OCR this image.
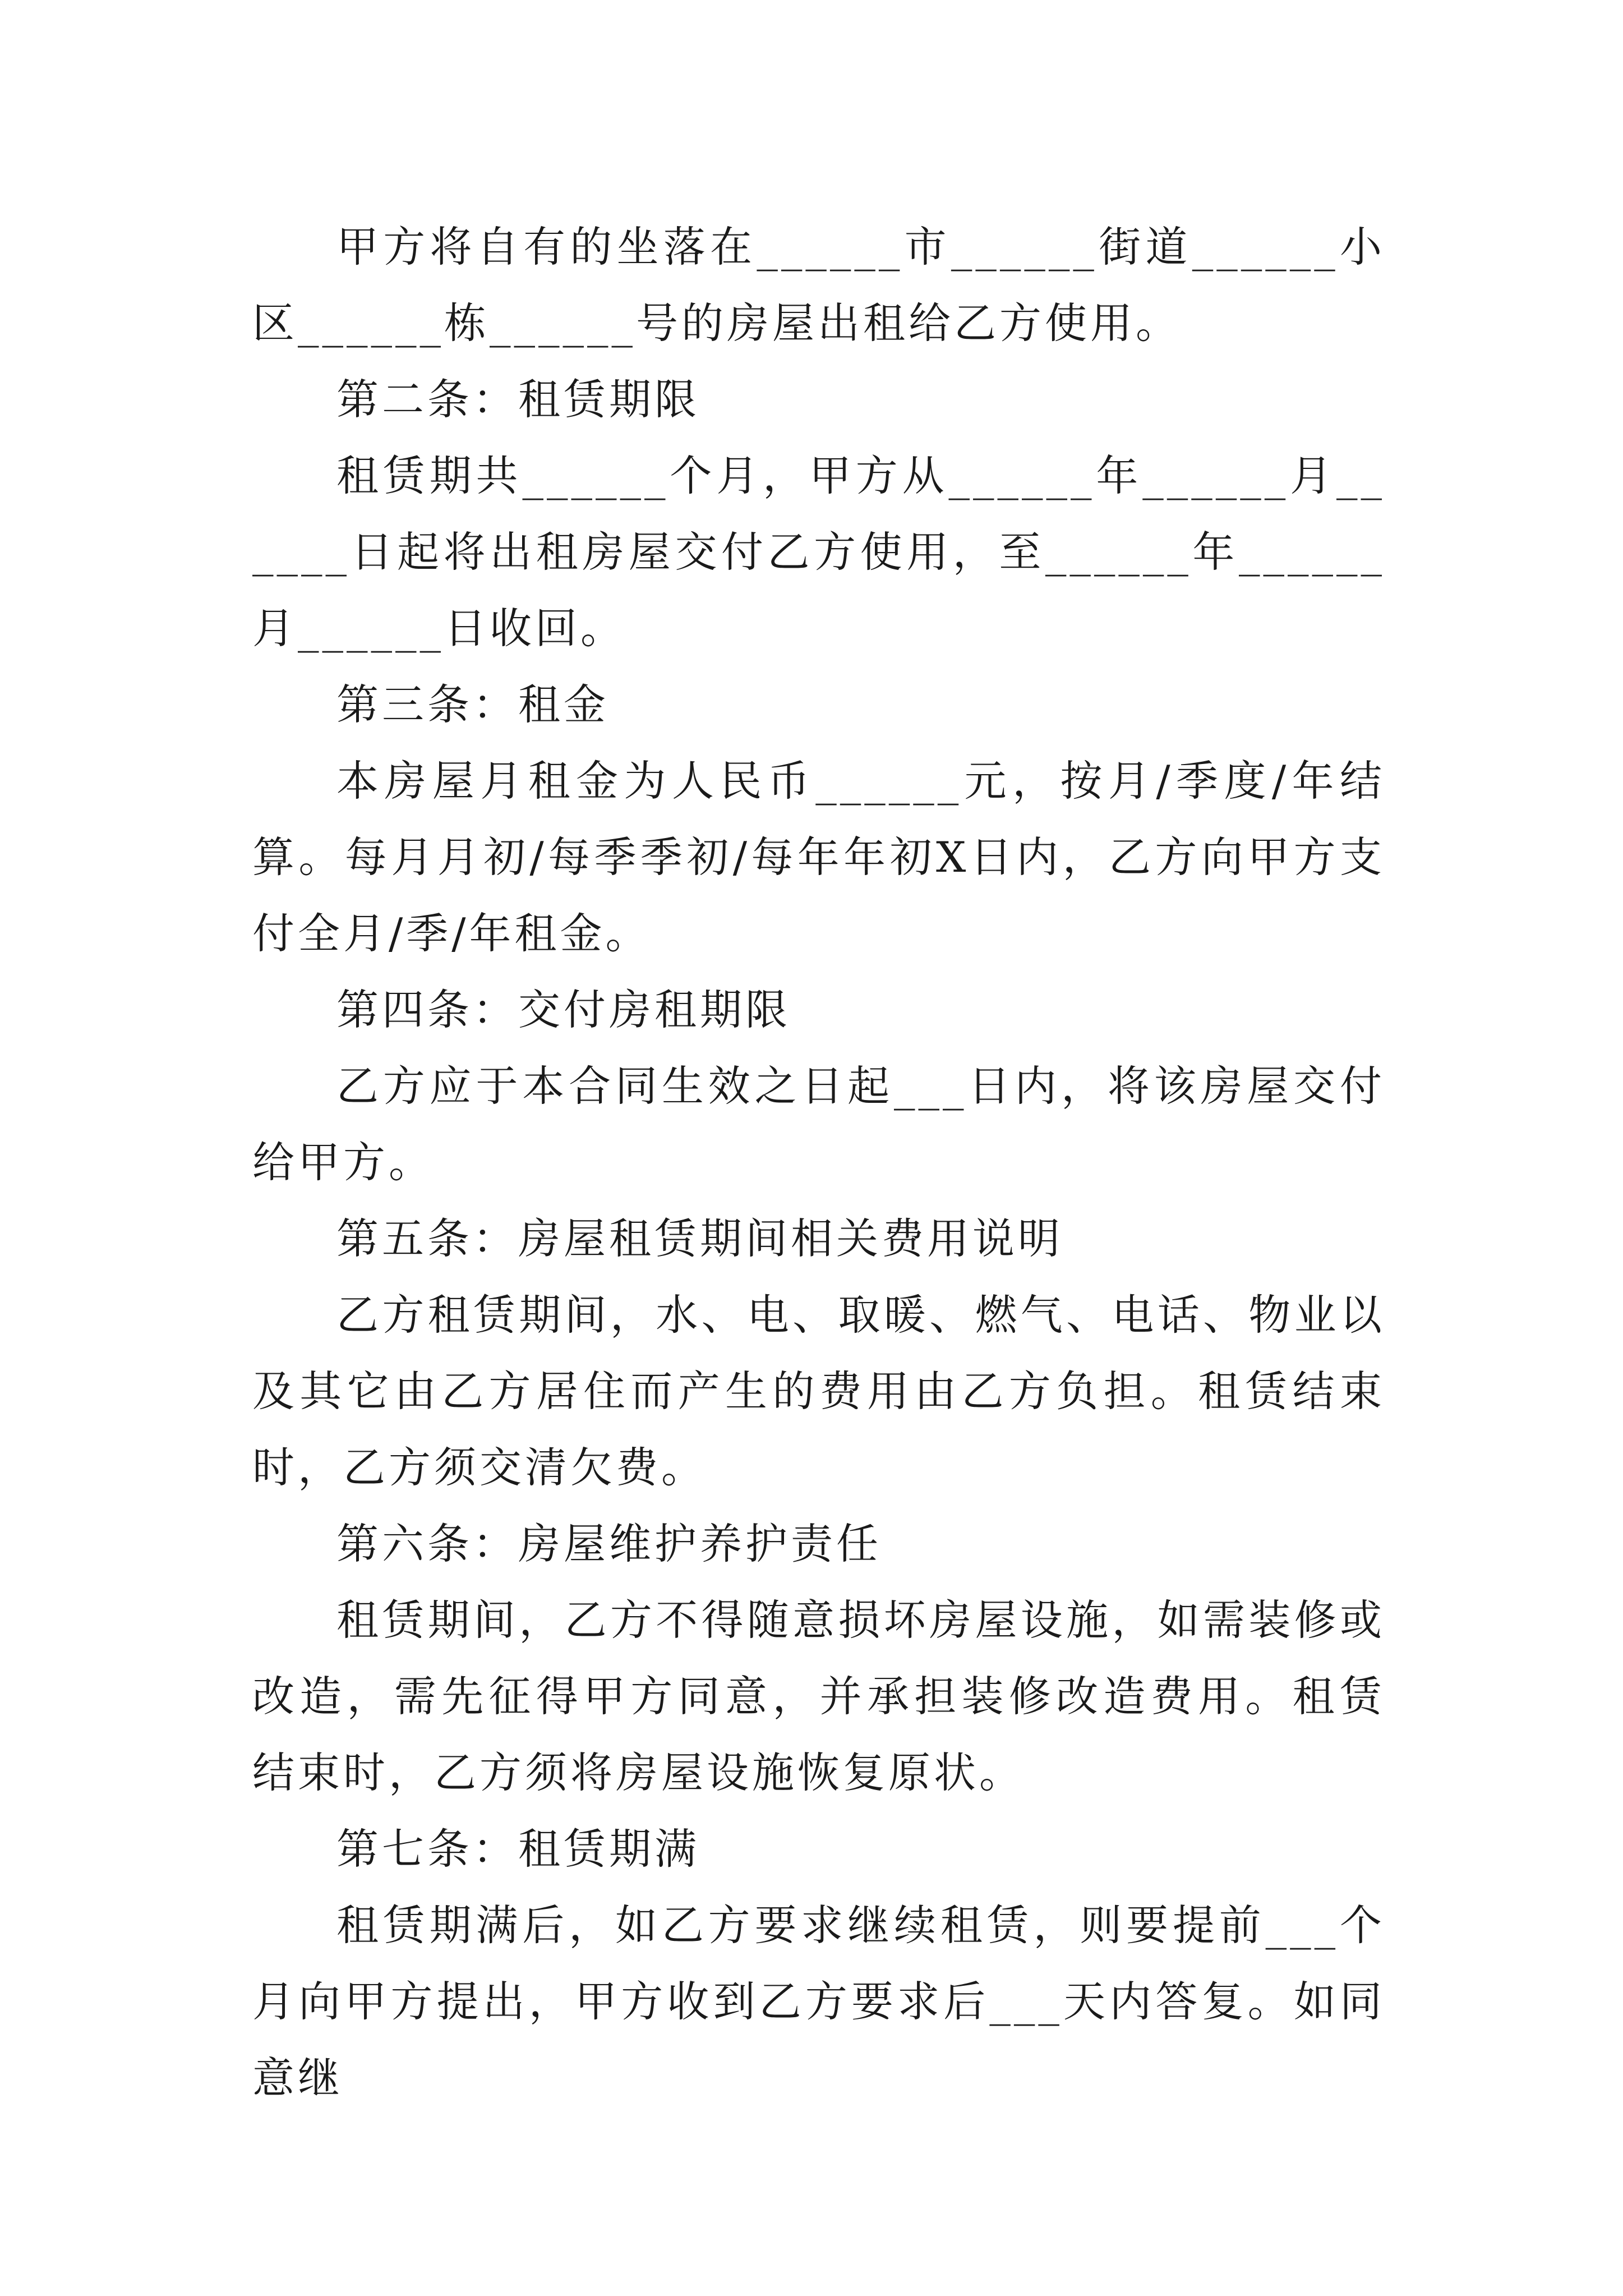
甲方将自有的坐落在______市______街道______小区______栋______号的房屋出租给乙方使用。

第二条：租赁期限

租赁期共______个月，甲方从______年______月______日起将出租房屋交付乙方使用，至______年______月______日收回。

第三条：租金

本房屋月租金为人民币______元，按月/季度/年结算。每月月初/每季季初/每年年初X日内，乙方向甲方支付全月/季/年租金。

第四条：交付房租期限

乙方应于本合同生效之日起___日内，将该房屋交付给甲方。

第五条：房屋租赁期间相关费用说明

乙方租赁期间，水、电、取暖、燃气、电话、物业以及其它由乙方居住而产生的费用由乙方负担。租赁结束时，乙方须交清欠费。

第六条：房屋维护养护责任

租赁期间，乙方不得随意损坏房屋设施，如需装修或改造，需先征得甲方同意，并承担装修改造费用。租赁结束时，乙方须将房屋设施恢复原状。

第七条：租赁期满

租赁期满后，如乙方要求继续租赁，则要提前___个月向甲方提出，甲方收到乙方要求后___天内答复。如同意继
